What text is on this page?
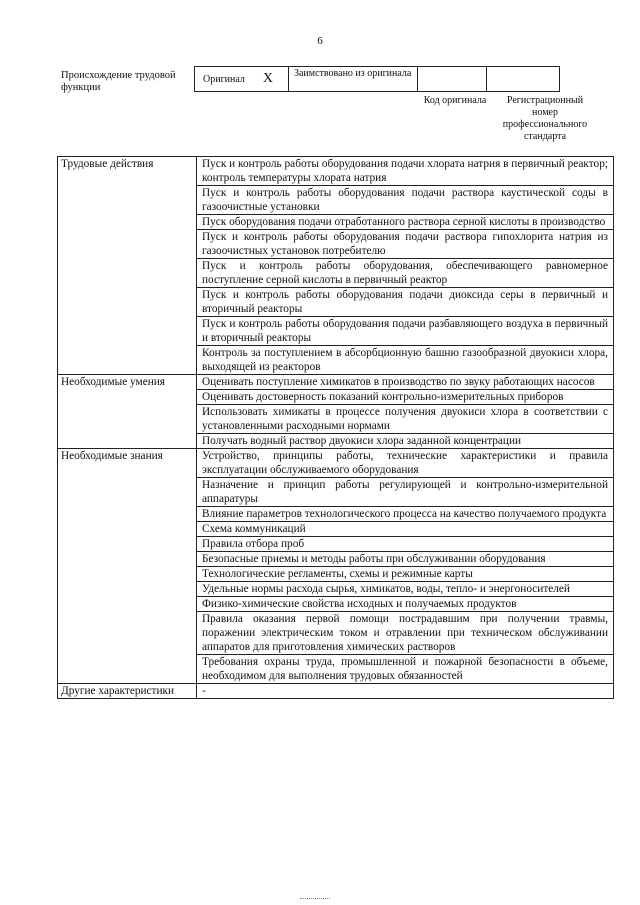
6
Происхождение трудовой функции
Оригинал X	Заимствовано из оригинала
Код оригинала	Регистрационный номер профессионального стандарта
Трудовые действия	Пуск и контроль работы оборудования подачи хлората натрия в первичный реактор; контроль температуры хлората натрия
	Пуск и контроль работы оборудования подачи раствора каустической соды в газоочистные установки
	Пуск оборудования подачи отработанного раствора серной кислоты в производство
	Пуск и контроль работы оборудования подачи раствора гипохлорита натрия из газоочистных установок потребителю
	Пуск и контроль работы оборудования, обеспечивающего равномерное поступление серной кислоты в первичный реактор
	Пуск и контроль работы оборудования подачи диоксида серы в первичный и вторичный реакторы
	Пуск и контроль работы оборудования подачи разбавляющего воздуха в первичный и вторичный реакторы
	Контроль за поступлением в абсорбционную башню газообразной двуокиси хлора, выходящей из реакторов
Необходимые умения	Оценивать поступление химикатов в производство по звуку работающих насосов
	Оценивать достоверность показаний контрольно-измерительных приборов
	Использовать химикаты в процессе получения двуокиси хлора в соответствии с установленными расходными нормами
	Получать водный раствор двуокиси хлора заданной концентрации
Необходимые знания	Устройство, принципы работы, технические характеристики и правила эксплуатации обслуживаемого оборудования
	Назначение и принцип работы регулирующей и контрольно-измерительной аппаратуры
	Влияние параметров технологического процесса на качество получаемого продукта
	Схема коммуникаций
	Правила отбора проб
	Безопасные приемы и методы работы при обслуживании оборудования
	Технологические регламенты, схемы и режимные карты
	Удельные нормы расхода сырья, химикатов, воды, тепло- и энергоносителей
	Физико-химические свойства исходных и получаемых продуктов
	Правила оказания первой помощи пострадавшим при получении травмы, поражении электрическим током и отравлении при техническом обслуживании аппаратов для приготовления химических растворов
	Требования охраны труда, промышленной и пожарной безопасности в объеме, необходимом для выполнения трудовых обязанностей
Другие характеристики	-
